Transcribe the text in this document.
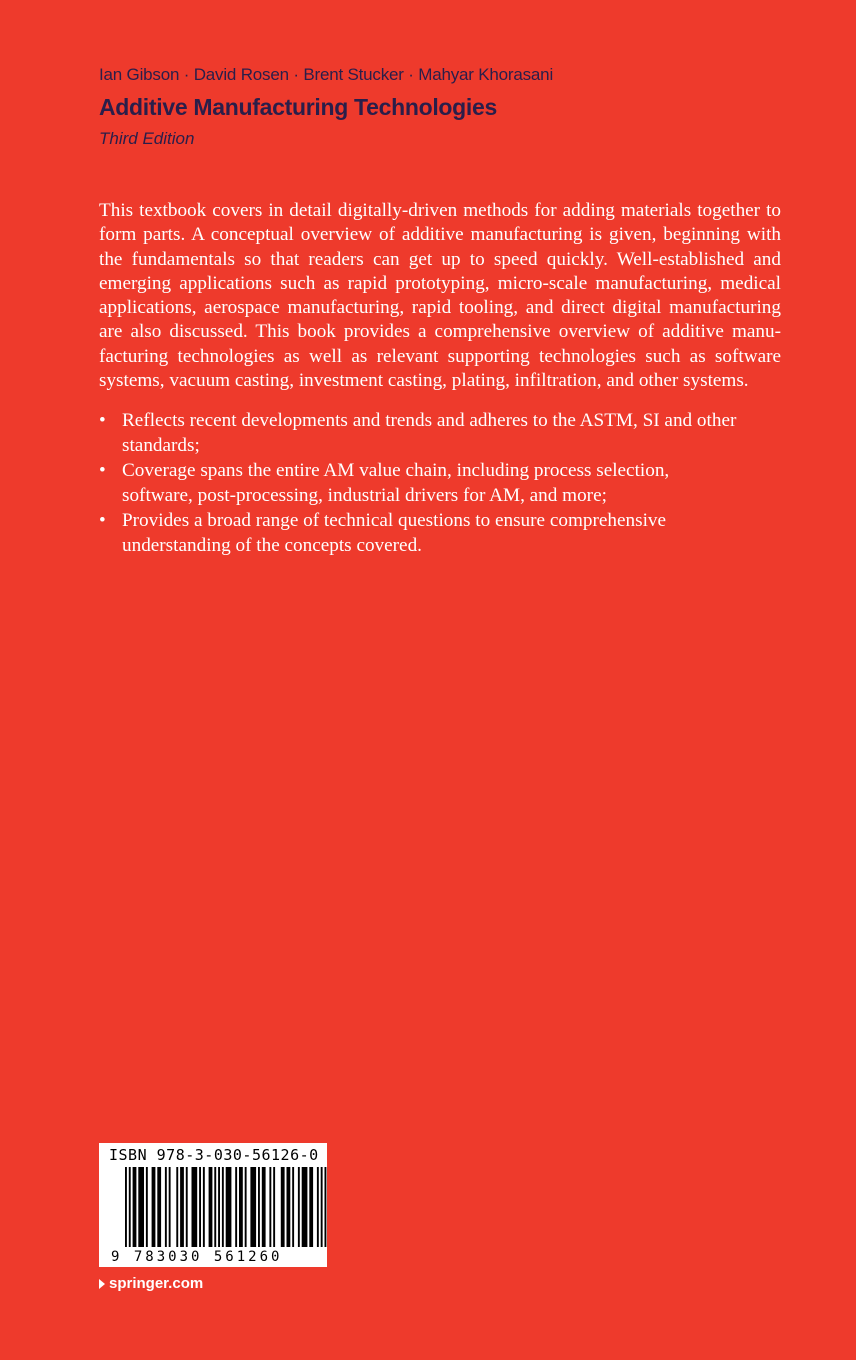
Ian Gibson · David Rosen · Brent Stucker · Mahyar Khorasani
Additive Manufacturing Technologies
Third Edition

This textbook covers in detail digitally-driven methods for adding materials together to form parts. A conceptual overview of additive manufacturing is given, beginning with the fundamentals so that readers can get up to speed quickly. Well-established and emerging applications such as rapid prototyping, micro-scale manufacturing, medical applications, aerospace manufacturing, rapid tooling, and direct digital manufacturing are also discussed. This book provides a comprehensive overview of additive manufacturing technologies as well as relevant supporting technologies such as software systems, vacuum casting, investment casting, plating, infiltration, and other systems.

• Reflects recent developments and trends and adheres to the ASTM, SI and other standards;
• Coverage spans the entire AM value chain, including process selection, software, post-processing, industrial drivers for AM, and more;
• Provides a broad range of technical questions to ensure comprehensive understanding of the concepts covered.
ISBN 978-3-030-56126-0
9 783030 561260
springer.com
